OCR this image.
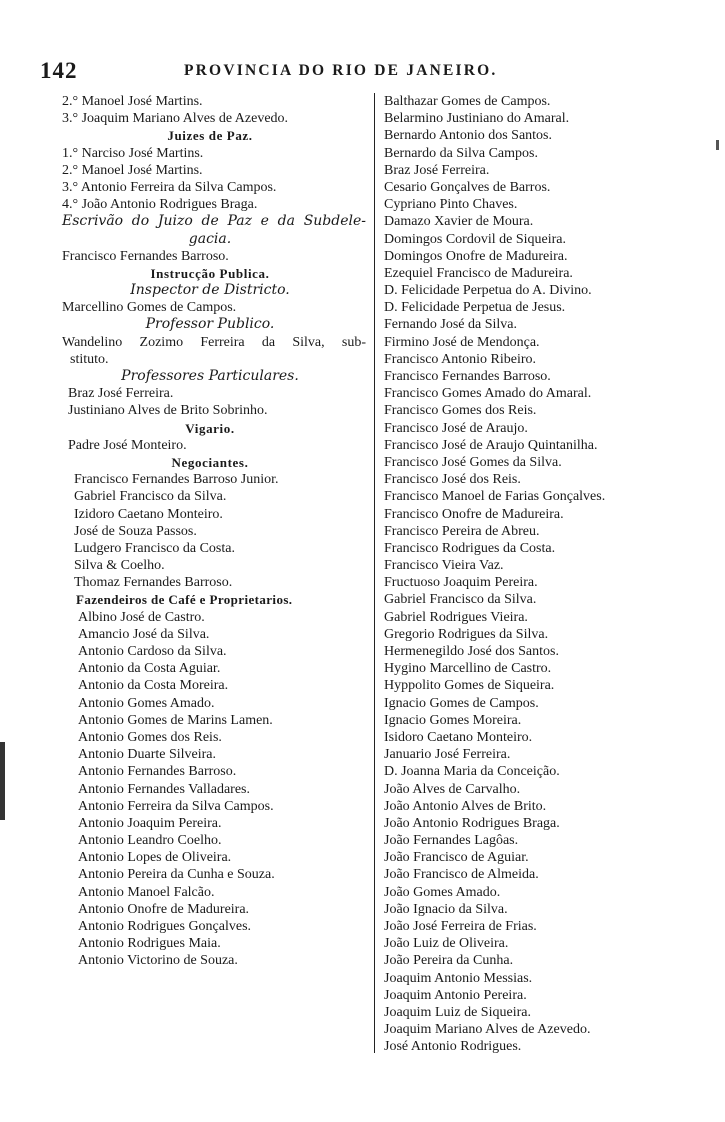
142	PROVINCIA DO RIO DE JANEIRO.
2.° Manoel José Martins.
3.° Joaquim Mariano Alves de Azevedo.
Juizes de Paz.
1.° Narciso José Martins.
2.° Manoel José Martins.
3.° Antonio Ferreira da Silva Campos.
4.° João Antonio Rodrigues Braga.
Escrivão do Juizo de Paz e da Subdele-
gacia.
Francisco Fernandes Barroso.
Instrucção Publica.
Inspector de Districto.
Marcellino Gomes de Campos.
Professor Publico.
Wandelino Zozimo Ferreira da Silva, sub-
stituto.
Professores Particulares.
Braz José Ferreira.
Justiniano Alves de Brito Sobrinho.
Vigario.
Padre José Monteiro.
Negociantes.
Francisco Fernandes Barroso Junior.
Gabriel Francisco da Silva.
Izidoro Caetano Monteiro.
José de Souza Passos.
Ludgero Francisco da Costa.
Silva & Coelho.
Thomaz Fernandes Barroso.
Fazendeiros de Café e Proprietarios.
Albino José de Castro.
Amancio José da Silva.
Antonio Cardoso da Silva.
Antonio da Costa Aguiar.
Antonio da Costa Moreira.
Antonio Gomes Amado.
Antonio Gomes de Marins Lamen.
Antonio Gomes dos Reis.
Antonio Duarte Silveira.
Antonio Fernandes Barroso.
Antonio Fernandes Valladares.
Antonio Ferreira da Silva Campos.
Antonio Joaquim Pereira.
Antonio Leandro Coelho.
Antonio Lopes de Oliveira.
Antonio Pereira da Cunha e Souza.
Antonio Manoel Falcão.
Antonio Onofre de Madureira.
Antonio Rodrigues Gonçalves.
Antonio Rodrigues Maia.
Antonio Victorino de Souza.
Balthazar Gomes de Campos.
Belarmino Justiniano do Amaral.
Bernardo Antonio dos Santos.
Bernardo da Silva Campos.
Braz José Ferreira.
Cesario Gonçalves de Barros.
Cypriano Pinto Chaves.
Damazo Xavier de Moura.
Domingos Cordovil de Siqueira.
Domingos Onofre de Madureira.
Ezequiel Francisco de Madureira.
D. Felicidade Perpetua do A. Divino.
D. Felicidade Perpetua de Jesus.
Fernando José da Silva.
Firmino José de Mendonça.
Francisco Antonio Ribeiro.
Francisco Fernandes Barroso.
Francisco Gomes Amado do Amaral.
Francisco Gomes dos Reis.
Francisco José de Araujo.
Francisco José de Araujo Quintanilha.
Francisco José Gomes da Silva.
Francisco José dos Reis.
Francisco Manoel de Farias Gonçalves.
Francisco Onofre de Madureira.
Francisco Pereira de Abreu.
Francisco Rodrigues da Costa.
Francisco Vieira Vaz.
Fructuoso Joaquim Pereira.
Gabriel Francisco da Silva.
Gabriel Rodrigues Vieira.
Gregorio Rodrigues da Silva.
Hermenegildo José dos Santos.
Hygino Marcellino de Castro.
Hyppolito Gomes de Siqueira.
Ignacio Gomes de Campos.
Ignacio Gomes Moreira.
Isidoro Caetano Monteiro.
Januario José Ferreira.
D. Joanna Maria da Conceição.
João Alves de Carvalho.
João Antonio Alves de Brito.
João Antonio Rodrigues Braga.
João Fernandes Lagôas.
João Francisco de Aguiar.
João Francisco de Almeida.
João Gomes Amado.
João Ignacio da Silva.
João José Ferreira de Frias.
João Luiz de Oliveira.
João Pereira da Cunha.
Joaquim Antonio Messias.
Joaquim Antonio Pereira.
Joaquim Luiz de Siqueira.
Joaquim Mariano Alves de Azevedo.
José Antonio Rodrigues.
